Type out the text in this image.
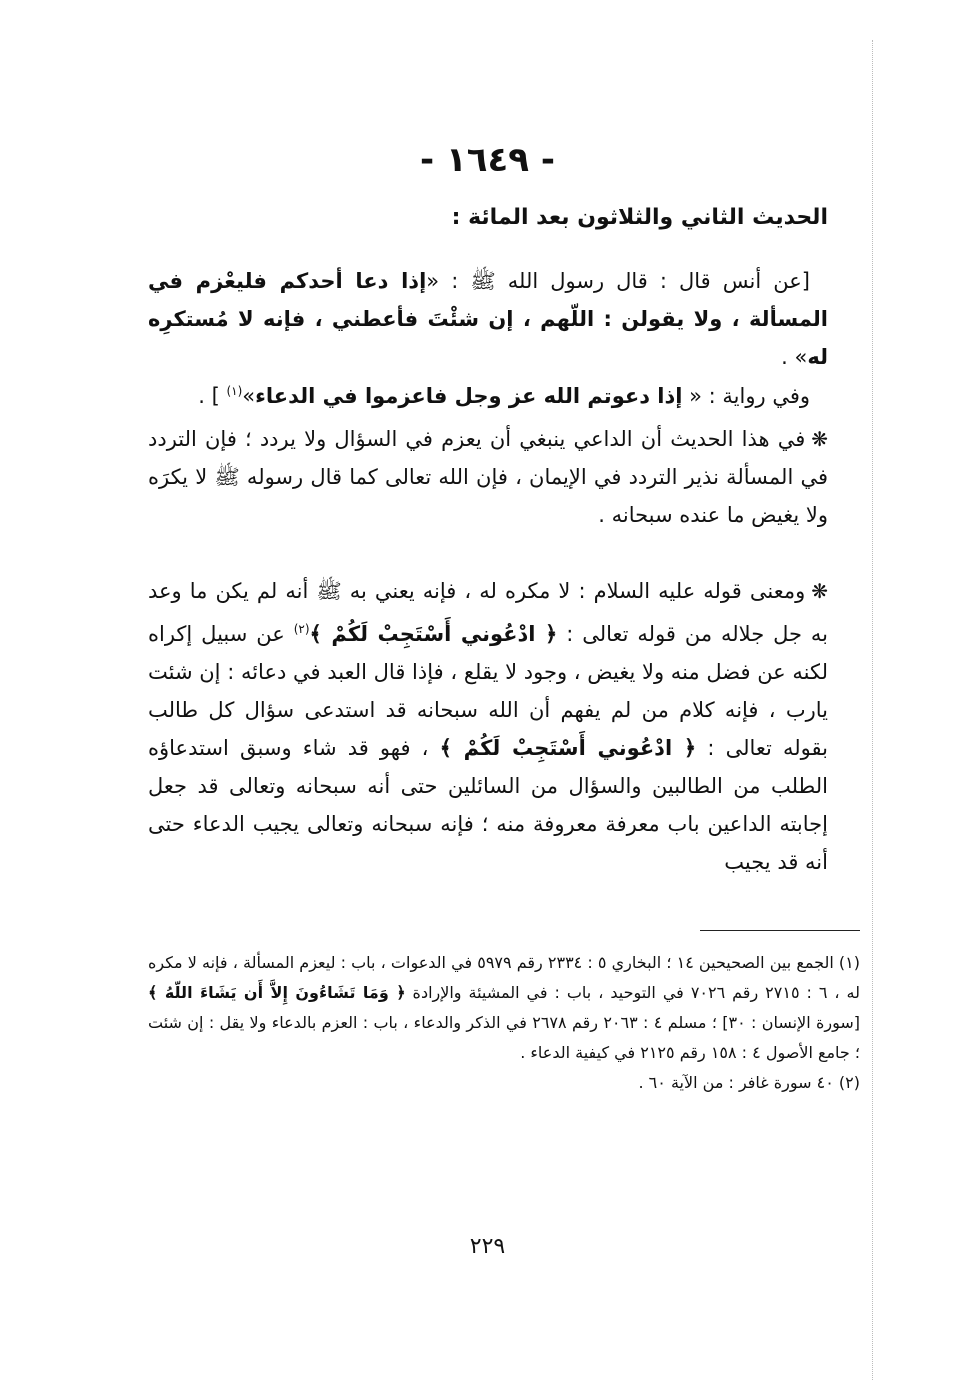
- ١٦٤٩ -
الحديث الثاني والثلاثون بعد المائة :
[عن أنس قال : قال رسول الله ﷺ : «إذا دعا أحدكم فليعْزم في المسألة ، ولا يقولن : اللّهم ، إن شئْتَ فأعطني ، فإنه لا مُستكرِه له» .
وفي رواية : « إذا دعوتم الله عز وجل فاعزموا في الدعاء»$^{(١)}$ ] .
❋في هذا الحديث أن الداعي ينبغي أن يعزم في السؤال ولا يردد ؛ فإن التردد في المسألة نذير التردد في الإيمان ، فإن الله تعالى كما قال رسوله ﷺ لا يكرَه ولا يغيض ما عنده سبحانه .
❋ومعنى قوله عليه السلام : لا مكره له ، فإنه يعني به ﷺ أنه لم يكن ما وعد به جل جلاله من قوله تعالى : ﴿ ادْعُوني أَسْتَجِبْ لَكُمْ ﴾$^{(٢)}$ عن سبيل إكراه لكنه عن فضل منه ولا يغيض ، وجود لا يقلع ، فإذا قال العبد في دعائه : إن شئت يارب ، فإنه كلام من لم يفهم أن الله سبحانه قد استدعى سؤال كل طالب بقوله تعالى : ﴿ ادْعُوني أَسْتَجِبْ لَكُمْ ﴾ ، فهو قد شاء وسبق استدعاؤه الطلب من الطالبين والسؤال من السائلين حتى أنه سبحانه وتعالى قد جعل إجابته الداعين باب معرفة معروفة منه ؛ فإنه سبحانه وتعالى يجيب الدعاء حتى أنه قد يجيب

(١) الجمع بين الصحيحين ١٤ ؛ البخاري ٥ : ٢٣٣٤ رقم ٥٩٧٩ في الدعوات ، باب : ليعزم المسألة ، فإنه لا مكره له ، ٦ : ٢٧١٥ رقم ٧٠٢٦ في التوحيد ، باب : في المشيئة والإرادة ﴿ وَمَا تَشَاءُونَ إِلاَّ أَن يَشَاءَ اللّهُ ﴾[سورة الإنسان : ٣٠] ؛ مسلم ٤ : ٢٠٦٣ رقم ٢٦٧٨ في الذكر والدعاء ، باب : العزم بالدعاء ولا يقل : إن شئت ؛ جامع الأصول ٤ : ١٥٨ رقم ٢١٢٥ في كيفية الدعاء .

(٢) ٤٠ سورة غافر : من الآية ٦٠ .

٢٢٩
